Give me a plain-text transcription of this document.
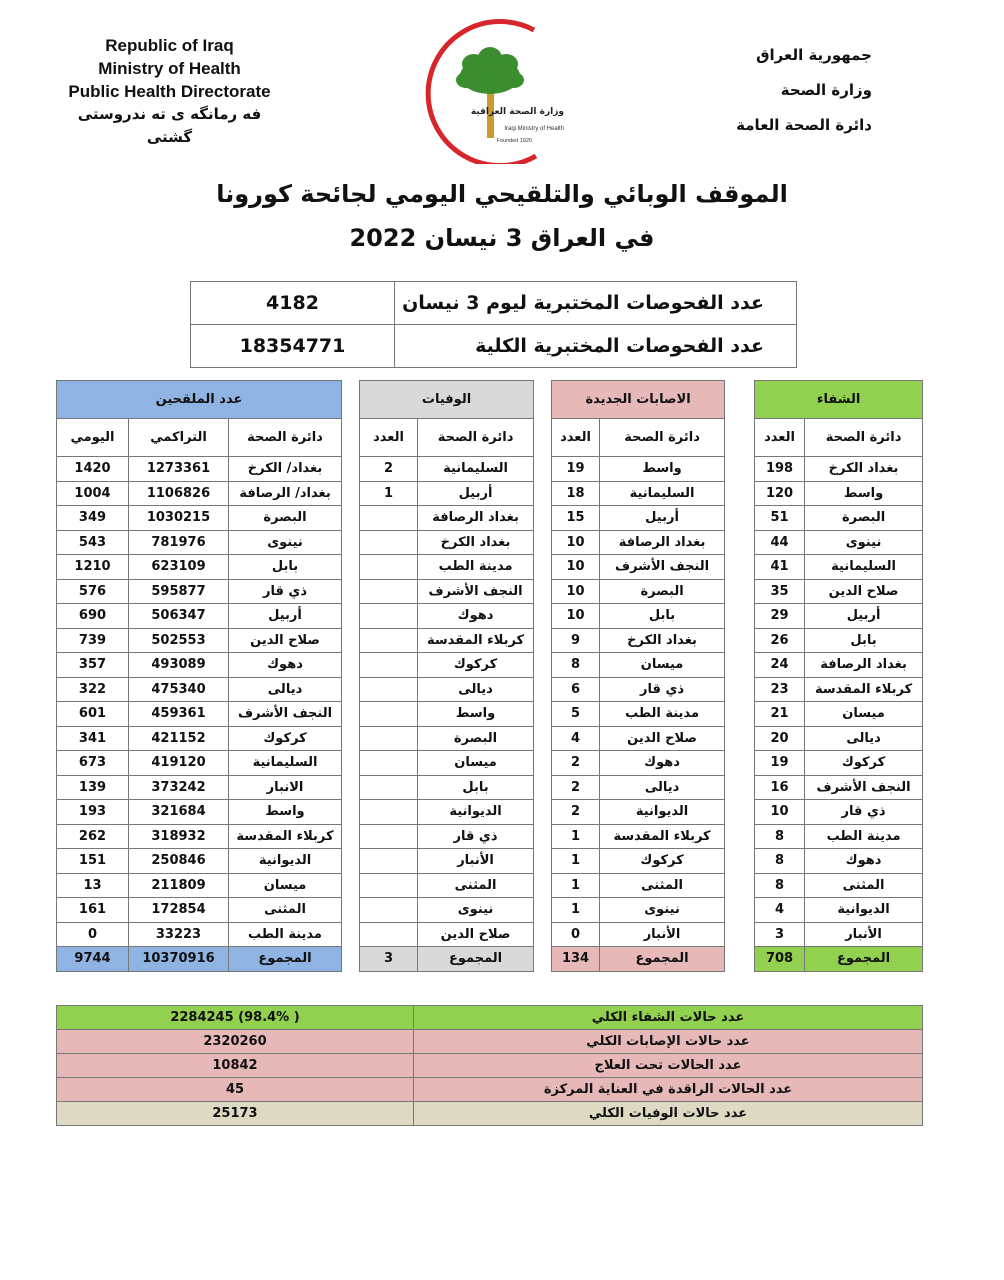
Republic of Iraq
Ministry of Health
Public Health Directorate
فه رمانگه ی ته ندروستی گشتی
وزارة الصحة العراقية
Iraqi Ministry of Health
Founded 1920
جمهورية العراق
وزارة الصحة
دائرة الصحة العامة
الموقف الوبائي والتلقيحي اليومي لجائحة كورونا
في العراق 3 نيسان 2022
4182	عدد الفحوصات المختبرية ليوم 3 نيسان
18354771	عدد الفحوصات المختبرية الكلية
عدد الملقحين				الوفيات			الاصابات الجديدة			الشفاء	
اليومي	التراكمي	دائرة الصحة		العدد	دائرة الصحة		العدد	دائرة الصحة		العدد	دائرة الصحة
1420	1273361	بغداد/ الكرخ		2	السليمانية		19	واسط		198	بغداد الكرخ
1004	1106826	بغداد/ الرصافة		1	أربيل		18	السليمانية		120	واسط
349	1030215	البصرة			بغداد الرصافة		15	أربيل		51	البصرة
543	781976	نينوى			بغداد الكرخ		10	بغداد الرصافة		44	نينوى
1210	623109	بابل			مدينة الطب		10	النجف الأشرف		41	السليمانية
576	595877	ذي قار			النجف الأشرف		10	البصرة		35	صلاح الدين
690	506347	أربيل			دهوك		10	بابل		29	أربيل
739	502553	صلاح الدين			كربلاء المقدسة		9	بغداد الكرخ		26	بابل
357	493089	دهوك			كركوك		8	ميسان		24	بغداد الرصافة
322	475340	ديالى			ديالى		6	ذي قار		23	كربلاء المقدسة
601	459361	النجف الأشرف			واسط		5	مدينة الطب		21	ميسان
341	421152	كركوك			البصرة		4	صلاح الدين		20	ديالى
673	419120	السليمانية			ميسان		2	دهوك		19	كركوك
139	373242	الانبار			بابل		2	ديالى		16	النجف الأشرف
193	321684	واسط			الديوانية		2	الديوانية		10	ذي قار
262	318932	كربلاء المقدسة			ذي قار		1	كربلاء المقدسة		8	مدينة الطب
151	250846	الديوانية			الأنبار		1	كركوك		8	دهوك
13	211809	ميسان			المثنى		1	المثنى		8	المثنى
161	172854	المثنى			نينوى		1	نينوى		4	الديوانية
0	33223	مدينة الطب			صلاح الدين		0	الأنبار		3	الأنبار
9744	10370916	المجموع		3	المجموع		134	المجموع		708	المجموع
2284245 (98.4% )	عدد حالات الشفاء الكلي
2320260	عدد حالات الإصابات الكلي
10842	عدد الحالات تحت العلاج
45	عدد الحالات الراقدة في العناية المركزة
25173	عدد حالات الوفيات الكلي
